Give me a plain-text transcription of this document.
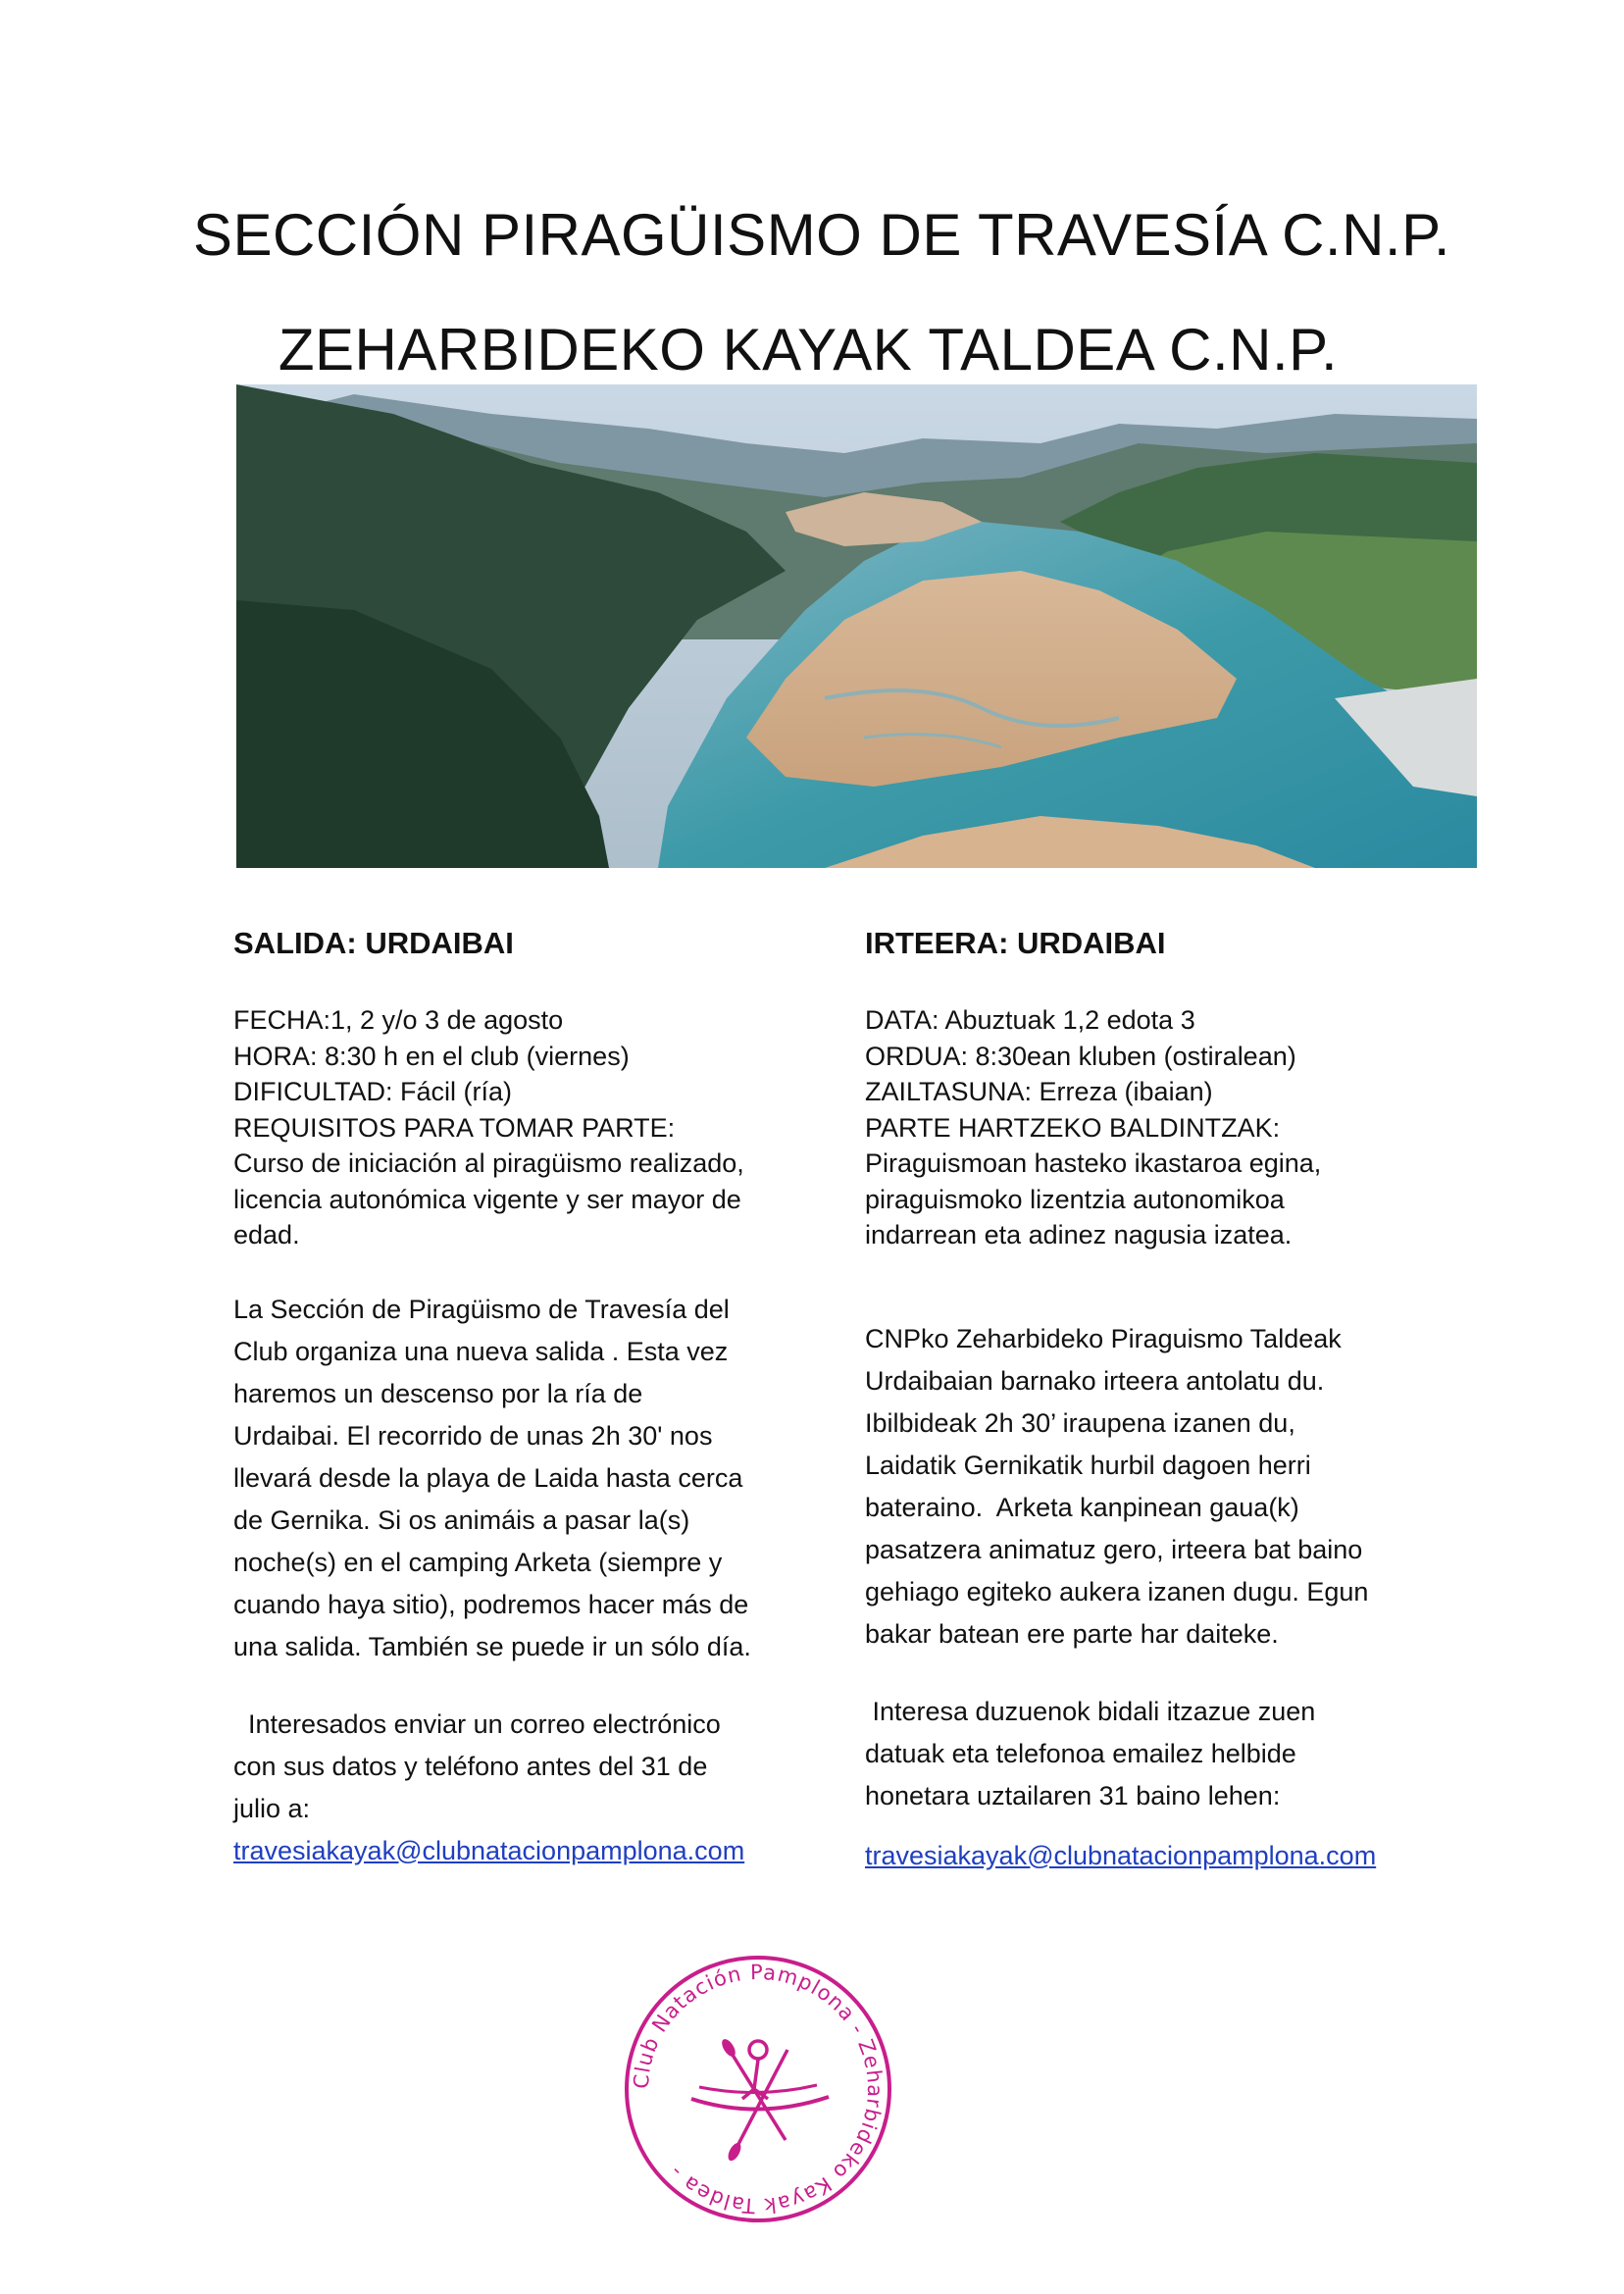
SECCIÓN PIRAGÜISMO DE TRAVESÍA C.N.P.
ZEHARBIDEKO KAYAK TALDEA C.N.P.
SALIDA: URDAIBAI

FECHA:1, 2 y/o 3 de agosto

HORA: 8:30 h en el club (viernes)

DIFICULTAD: Fácil (ría)

REQUISITOS PARA TOMAR PARTE:

Curso de iniciación al piragüismo realizado,

licencia autonómica vigente y ser mayor de

edad.

La Sección de Piragüismo de Travesía del

Club organiza una nueva salida . Esta vez

haremos un descenso por la ría de

Urdaibai. El recorrido de unas 2h 30' nos

llevará desde la playa de Laida hasta cerca

de Gernika. Si os animáis a pasar la(s)

noche(s) en el camping Arketa (siempre y

cuando haya sitio), podremos hacer más de

una salida. También se puede ir un sólo día.

Interesados enviar un correo electrónico

con sus datos y teléfono antes del 31 de

julio a:

travesiakayak@clubnatacionpamplona.com

IRTEERA: URDAIBAI

DATA: Abuztuak 1,2 edota 3

ORDUA: 8:30ean kluben (ostiralean)

ZAILTASUNA: Erreza (ibaian)

PARTE HARTZEKO BALDINTZAK:

Piraguismoan hasteko ikastaroa egina,

piraguismoko lizentzia autonomikoa

indarrean eta adinez nagusia izatea.

CNPko Zeharbideko Piraguismo Taldeak

Urdaibaian barnako irteera antolatu du.

Ibilbideak 2h 30’ iraupena izanen du,

Laidatik Gernikatik hurbil dagoen herri

bateraino.  Arketa kanpinean gaua(k)

pasatzera animatuz gero, irteera bat baino

gehiago egiteko aukera izanen dugu. Egun

bakar batean ere parte har daiteke.

Interesa duzuenok bidali itzazue zuen

datuak eta telefonoa emailez helbide

honetara uztailaren 31 baino lehen:

travesiakayak@clubnatacionpamplona.com

Club Natación Pamplona - Zeharbideko Kayak Taldea -
